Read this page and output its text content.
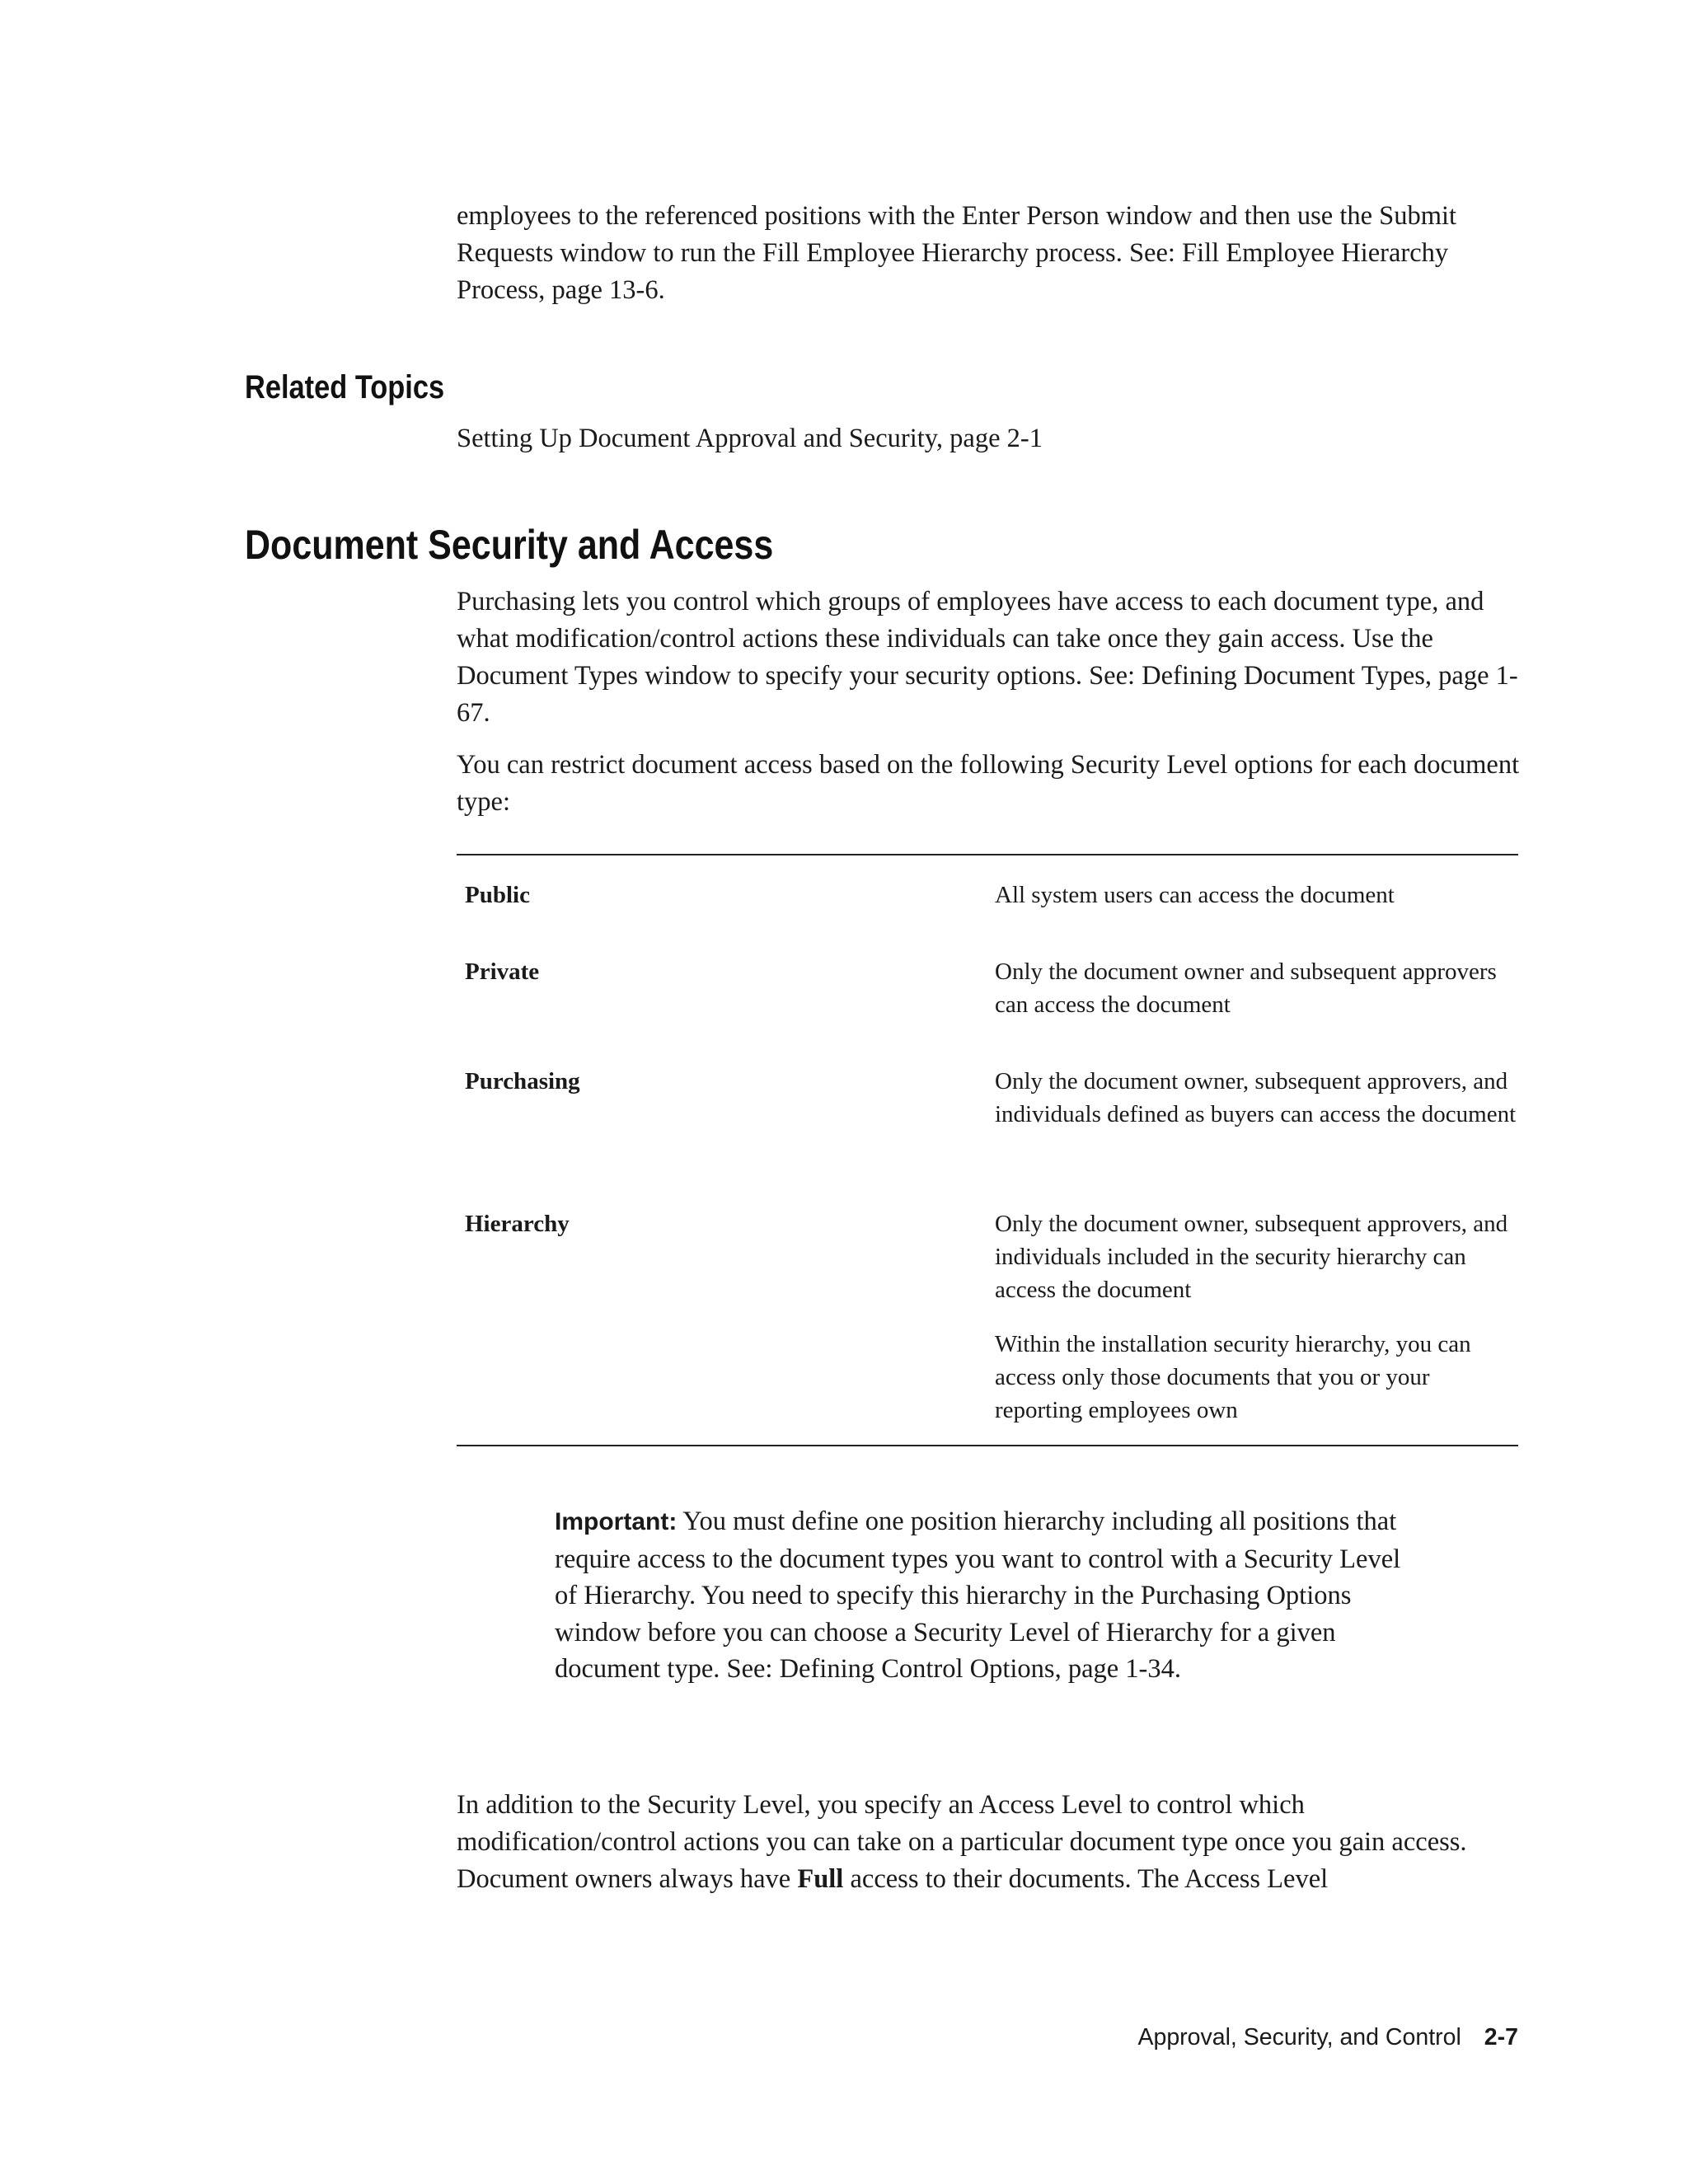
employees to the referenced positions with the Enter Person window and then use the Submit Requests window to run the Fill Employee Hierarchy process. See: Fill Employee Hierarchy Process, page 13-6.

Related Topics

Setting Up Document Approval and Security, page 2-1

Document Security and Access

Purchasing lets you control which groups of employees have access to each document type, and what modification/control actions these individuals can take once they gain access. Use the Document Types window to specify your security options. See: Defining Document Types, page 1-67.

You can restrict document access based on the following Security Level options for each document type:

Public	All system users can access the document

Private	Only the document owner and subsequent approvers can access the document

Purchasing	Only the document owner, subsequent approvers, and individuals defined as buyers can access the document

Hierarchy	Only the document owner, subsequent approvers, and individuals included in the security hierarchy can access the document

Within the installation security hierarchy, you can access only those documents that you or your reporting employees own

Important: You must define one position hierarchy including all positions that require access to the document types you want to control with a Security Level of Hierarchy. You need to specify this hierarchy in the Purchasing Options window before you can choose a Security Level of Hierarchy for a given document type. See: Defining Control Options, page 1-34.

In addition to the Security Level, you specify an Access Level to control which modification/control actions you can take on a particular document type once you gain access. Document owners always have Full access to their documents. The Access Level

Approval, Security, and Control 2-7
